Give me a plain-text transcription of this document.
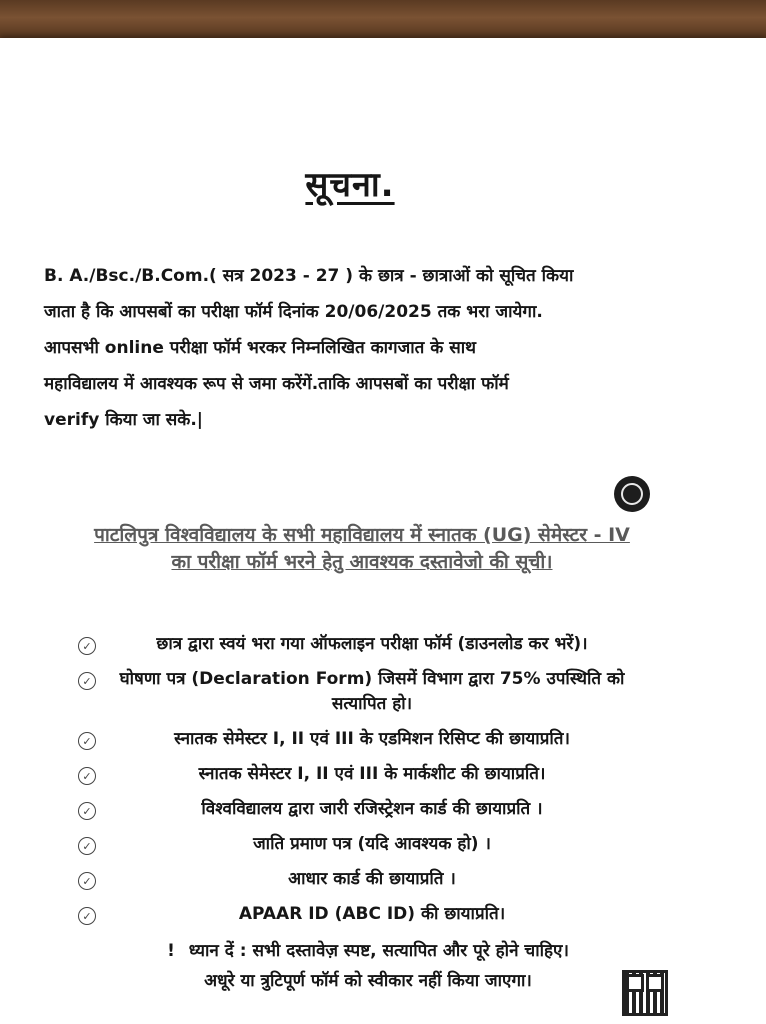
सूचना.

B. A./Bsc./B.Com.( सत्र 2023 - 27 ) के छात्र - छात्राओं को सूचित किया

जाता है कि आपसबों का परीक्षा फॉर्म दिनांक 20/06/2025 तक भरा जायेगा.

आपसभी online परीक्षा फॉर्म भरकर निम्नलिखित कागजात के साथ

महाविद्यालय में आवश्यक रूप से जमा करेंगें.ताकि आपसबों का परीक्षा फॉर्म

verify किया जा सके.|

पाटलिपुत्र विश्वविद्यालय के सभी महाविद्यालय में स्नातक (UG) सेमेस्टर - IV का परीक्षा फॉर्म भरने हेतु आवश्यक दस्तावेजो की सूची।
✓	छात्र द्वारा स्वयं भरा गया ऑफलाइन परीक्षा फॉर्म (डाउनलोड कर भरें)।
✓	घोषणा पत्र (Declaration Form) जिसमें विभाग द्वारा 75% उपस्थिति को सत्यापित हो।
✓	स्नातक सेमेस्टर I, II एवं III के एडमिशन रिसिप्ट की छायाप्रति।
✓	स्नातक सेमेस्टर I, II एवं III के मार्कशीट की छायाप्रति।
✓	विश्वविद्यालय द्वारा जारी रजिस्ट्रेशन कार्ड की छायाप्रति ।
✓	जाति प्रमाण पत्र (यदि आवश्यक हो) ।
✓	आधार कार्ड की छायाप्रति ।
✓	APAAR ID (ABC ID) की छायाप्रति।
! ध्यान दें : सभी दस्तावेज़ स्पष्ट, सत्यापित और पूरे होने चाहिए।
अधूरे या त्रुटिपूर्ण फॉर्म को स्वीकार नहीं किया जाएगा।
